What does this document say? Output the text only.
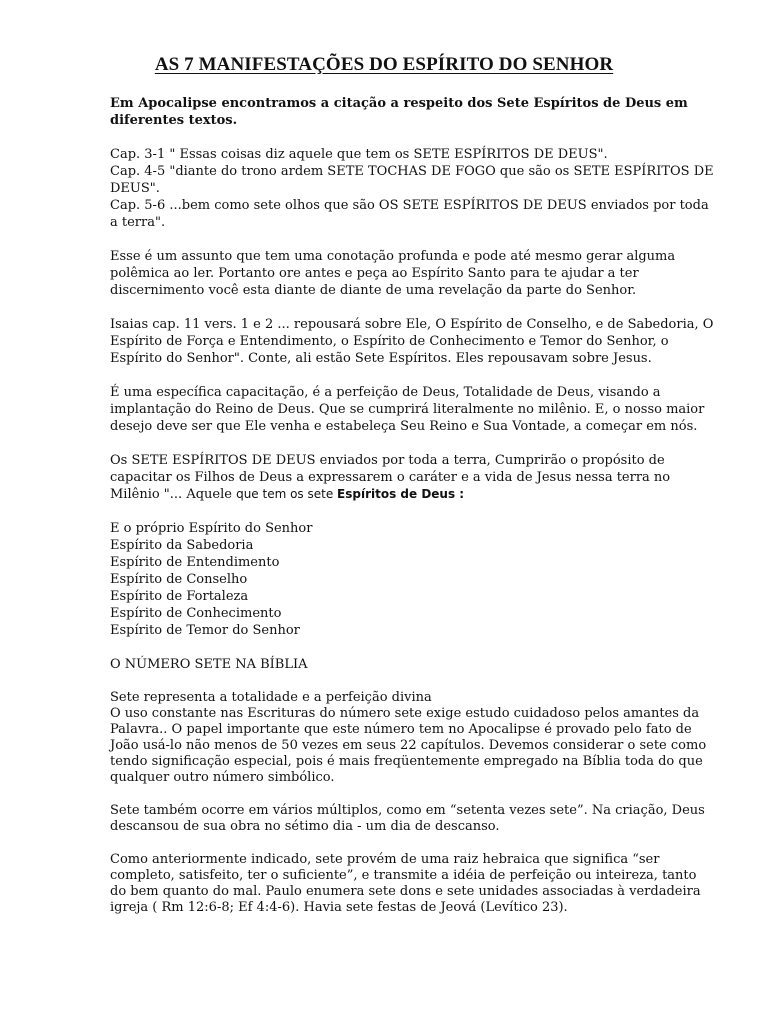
AS 7 MANIFESTAÇÕES DO ESPÍRITO DO SENHOR

Em Apocalipse encontramos a citação a respeito dos Sete Espíritos de Deus em diferentes textos.

Cap. 3-1 " Essas coisas diz aquele que tem os SETE ESPÍRITOS DE DEUS".

Cap. 4-5 "diante do trono ardem SETE TOCHAS DE FOGO que são os SETE ESPÍRITOS DE DEUS".

Cap. 5-6 ...bem como sete olhos que são OS SETE ESPÍRITOS DE DEUS enviados por toda a terra".

Esse é um assunto que tem uma conotação profunda e pode até mesmo gerar alguma polêmica ao ler. Portanto ore antes e peça ao Espírito Santo para te ajudar a ter discernimento você esta diante de diante de uma revelação da parte do Senhor.

Isaias cap. 11 vers. 1 e 2 ... repousará sobre Ele, O Espírito de Conselho, e de Sabedoria, O Espírito de Força e Entendimento, o Espírito de Conhecimento e Temor do Senhor, o Espírito do Senhor". Conte, ali estão Sete Espíritos. Eles repousavam sobre Jesus.

É uma específica capacitação, é a perfeição de Deus, Totalidade de Deus, visando a implantação do Reino de Deus. Que se cumprirá literalmente no milênio. E, o nosso maior desejo deve ser que Ele venha e estabeleça Seu Reino e Sua Vontade, a começar em nós.

Os SETE ESPÍRITOS DE DEUS enviados por toda a terra, Cumprirão o propósito de capacitar os Filhos de Deus a expressarem o caráter e a vida de Jesus nessa terra no Milênio "... Aquele que tem os sete Espíritos de Deus :

E o próprio Espírito do Senhor

Espírito da Sabedoria

Espírito de Entendimento

Espírito de Conselho

Espírito de Fortaleza

Espírito de Conhecimento

Espírito de Temor do Senhor

O NÚMERO SETE NA BÍBLIA

Sete representa a totalidade e a perfeição divina

O uso constante nas Escrituras do número sete exige estudo cuidadoso pelos amantes da Palavra.. O papel importante que este número tem no Apocalipse é provado pelo fato de João usá-lo não menos de 50 vezes em seus 22 capítulos. Devemos considerar o sete como tendo significação especial, pois é mais freqüentemente empregado na Bíblia toda do que qualquer outro número simbólico.

Sete também ocorre em vários múltiplos, como em “setenta vezes sete”. Na criação, Deus descansou de sua obra no sétimo dia - um dia de descanso.

Como anteriormente indicado, sete provém de uma raiz hebraica que significa “ser completo, satisfeito, ter o suficiente”, e transmite a idéia de perfeição ou inteireza, tanto do bem quanto do mal. Paulo enumera sete dons e sete unidades associadas à verdadeira igreja ( Rm 12:6-8; Ef 4:4-6). Havia sete festas de Jeová (Levítico 23).
